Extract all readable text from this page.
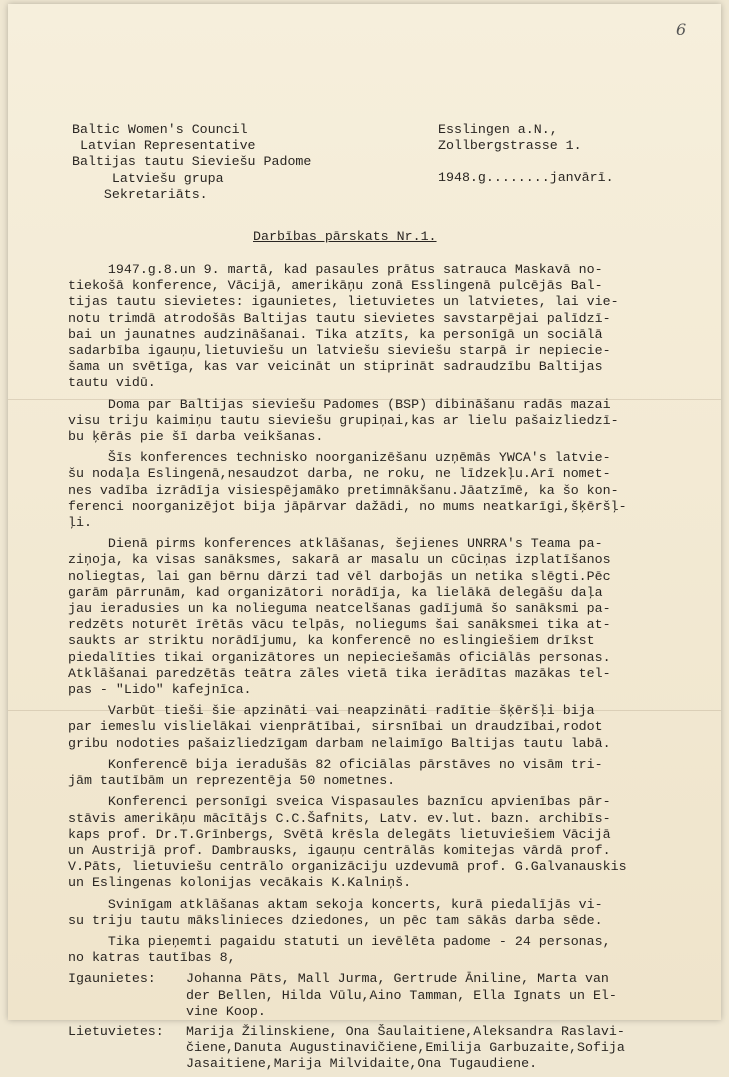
6
Baltic Women's Council
Latvian Representative
Baltijas tautu Sieviešu Padome
Latviešu grupa
Sekretariāts.
Esslingen a.N.,
Zollbergstrasse 1.
1948.g........janvārī.
Darbības pārskats Nr.1.
1947.g.8.un 9. martā, kad pasaules prātus satrauca Maskavā no-
tiekošā konference, Vācijā, amerikāņu zonā Esslingenā pulcējās Bal-
tijas tautu sievietes: igaunietes, lietuvietes un latvietes, lai vie-
notu trimdā atrodošās Baltijas tautu sievietes savstarpējai palīdzī-
bai un jaunatnes audzināšanai. Tika atzīts, ka personīgā un sociālā
sadarbība igauņu,lietuviešu un latviešu sieviešu starpā ir nepiecie-
šama un svētīga, kas var veicināt un stiprināt sadraudzību Baltijas
tautu vidū.
Doma par Baltijas sieviešu Padomes (BSP) dibināšanu radās mazai
visu triju kaimiņu tautu sieviešu grupiņai,kas ar lielu pašaizliedzī-
bu ķērās pie šī darba veikšanas.
Šīs konferences technisko noorganizēšanu uzņēmās YWCA's latvie-
šu nodaļa Eslingenā,nesaudzot darba, ne roku, ne līdzekļu.Arī nomet-
nes vadība izrādīja visiespējamāko pretimnākšanu.Jāatzīmē, ka šo kon-
ferenci noorganizējot bija jāpārvar dažādi, no mums neatkarīgi,šķēršļ-
ļi.
Dienā pirms konferences atklāšanas, šejienes UNRRA's Teama pa-
ziņoja, ka visas sanāksmes, sakarā ar masalu un cūciņas izplatīšanos
noliegtas, lai gan bērnu dārzi tad vēl darbojās un netika slēgti.Pēc
garām pārrunām, kad organizātori norādīja, ka lielākā delegāšu daļa
jau ieradusies un ka nolieguma neatcelšanas gadījumā šo sanāksmi pa-
redzēts noturēt īrētās vācu telpās, noliegums šai sanāksmei tika at-
saukts ar striktu norādījumu, ka konferencē no eslingiešiem drīkst
piedalīties tikai organizātores un nepieciešamās oficiālās personas.
Atklāšanai paredzētās teātra zāles vietā tika ierādītas mazākas tel-
pas - "Lido" kafejnīca.
Varbūt tieši šie apzināti vai neapzināti radītie šķēršļi bija
par iemeslu vislielākai vienprātībai, sirsnībai un draudzībai,rodot
gribu nodoties pašaizliedzīgam darbam nelaimīgo Baltijas tautu labā.
Konferencē bija ieradušās 82 oficiālas pārstāves no visām tri-
jām tautībām un reprezentēja 50 nometnes.
Konferenci personīgi sveica Vispasaules baznīcu apvienības pār-
stāvis amerikāņu mācītājs C.C.Šafnits, Latv. ev.lut. bazn. archibīs-
kaps prof. Dr.T.Grīnbergs, Svētā krēsla delegāts lietuviešiem Vācijā
un Austrijā prof. Dambrausks, igauņu centrālās komitejas vārdā prof.
V.Pāts, lietuviešu centrālo organizāciju uzdevumā prof. G.Galvanauskis
un Eslingenas kolonijas vecākais K.Kalniņš.
Svinīgam atklāšanas aktam sekoja koncerts, kurā piedalījās vi-
su triju tautu mākslinieces dziedones, un pēc tam sākās darba sēde.
Tika pieņemti pagaidu statuti un ievēlēta padome - 24 personas,
no katras tautības 8,
Igaunietes:	Johanna Pāts, Mall Jurma, Gertrude Āniline, Marta van
der Bellen, Hilda Vūlu,Aino Tamman, Ella Ignats un El-
vine Koop.
Lietuvietes:	Marija Žilinskiene, Ona Šaulaitiene,Aleksandra Raslavi-
čiene,Danuta Augustinavičiene,Emilija Garbuzaite,Sofija
Jasaitiene,Marija Milvidaite,Ona Tugaudiene.
